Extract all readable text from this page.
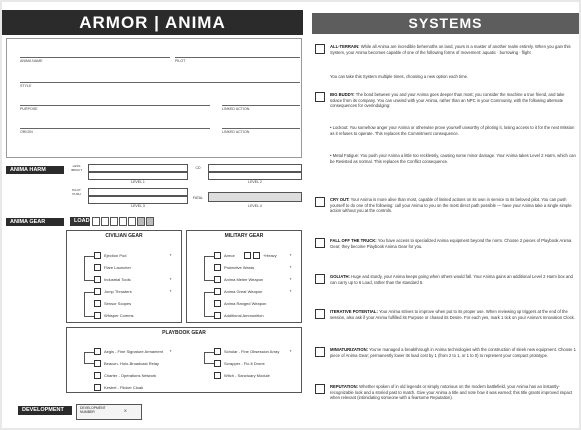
ARMOR | ANIMA
ANIMA NAME	PILOT
STYLE
PURPOSE	LINKED ACTION
ORIGIN	LINKED ACTION
ANIMA HARM
LESS IMPACT
PILOT PUSH
LEVEL 1
LEVEL 3
CD
LEVEL 2
FATAL
LEVEL 4
ANIMA GEAR	LOAD
CIVILIAN GEAR	MILITARY GEAR
Ejection Pod
Flare Launcher
Industrial Tools
Jump Thrusters
Sensor Scopes
Whisper Comms
▪
▪
▪
Armor	+Heavy
Protective Wards
Anima Melee Weapon
Anima Great Weapon
Anima Ranged Weapon
Additional Ammunition
▪
▪
▪
▪
PLAYBOOK GEAR
Aegis - Fine Signature Armament
Beacon- Holo-Broadcast Relay
Charter - Operations Network
Kestrel - Flicker Cloak
Scholar - Fine Obsession Array
Scrapper - Fix-It Drone
Witch - Sanctuary Module
▪	▪
DEVELOPMENT	DEVELOPMENT NUMBER	X
SYSTEMS
ALL-TERRAIN: While all Anima are incredible behemoths on land, yours is a master of another realm entirely. When you gain this System, your Anima becomes capable of one of the following forms of movement: aquatic · burrowing · flight
You can take this System multiple times, choosing a new option each time.
BIG BUDDY: The bond between you and your Anima goes deeper than most; you consider the machine a true friend, and take solace from its company. You can unwind with your Anima, rather than an NPC in your Community, with the following alternate consequences for overindulging:
• Lockout: You somehow anger your Anima or otherwise prove yourself unworthy of piloting it, losing access to it for the next Mission as it refuses to operate. This replaces the Commitment consequence.
• Metal Fatigue: You push your Anima a little too recklessly, causing some minor damage. Your Anima takes Level 2 Harm, which can be Resisted as normal. This replaces the Conflict consequence.
CRY OUT: Your Anima is more alive than most, capable of limited actions on its own in service to its beloved pilot. You can push yourself to do one of the following: call your Anima to you on the most direct path possible — have your Anima take a single simple action without you at the controls.
FALL OFF THE TRUCK: You have access to specialized Anima equipment beyond the norm. Choose 2 pieces of Playbook Anima Gear; they become Playbook Anima Gear for you.
GOLIATH: Huge and sturdy, your Anima keeps going when others would fall. Your Anima gains an additional Level 2 Harm box and can carry up to 6 Load, rather than the standard 5.
ITERATIVE POTENTIAL: Your Anima strives to improve when put to its proper use. When reviewing xp triggers at the end of the session, also ask if your Anima fulfilled its Purpose or chased its Desire. For each yes, mark 1 tick on your Anima's Innovation Clock.
MINIATURIZATION: You've managed a breakthrough in Anima technologies with the construction of sleek new equipment. Choose 1 piece of Anima Gear; permanently lower its load cost by 1 (from 2 to 1, or 1 to 0) to represent your compact prototype.
REPUTATION: Whether spoken of in old legends or simply notorious on the modern battlefield, your Anima has an instantly-recognizable look and a storied past to match. Give your Anima a title and note how it was earned; this title grants improved impact when relevant (intimidating someone with a fearsome Reputation).
